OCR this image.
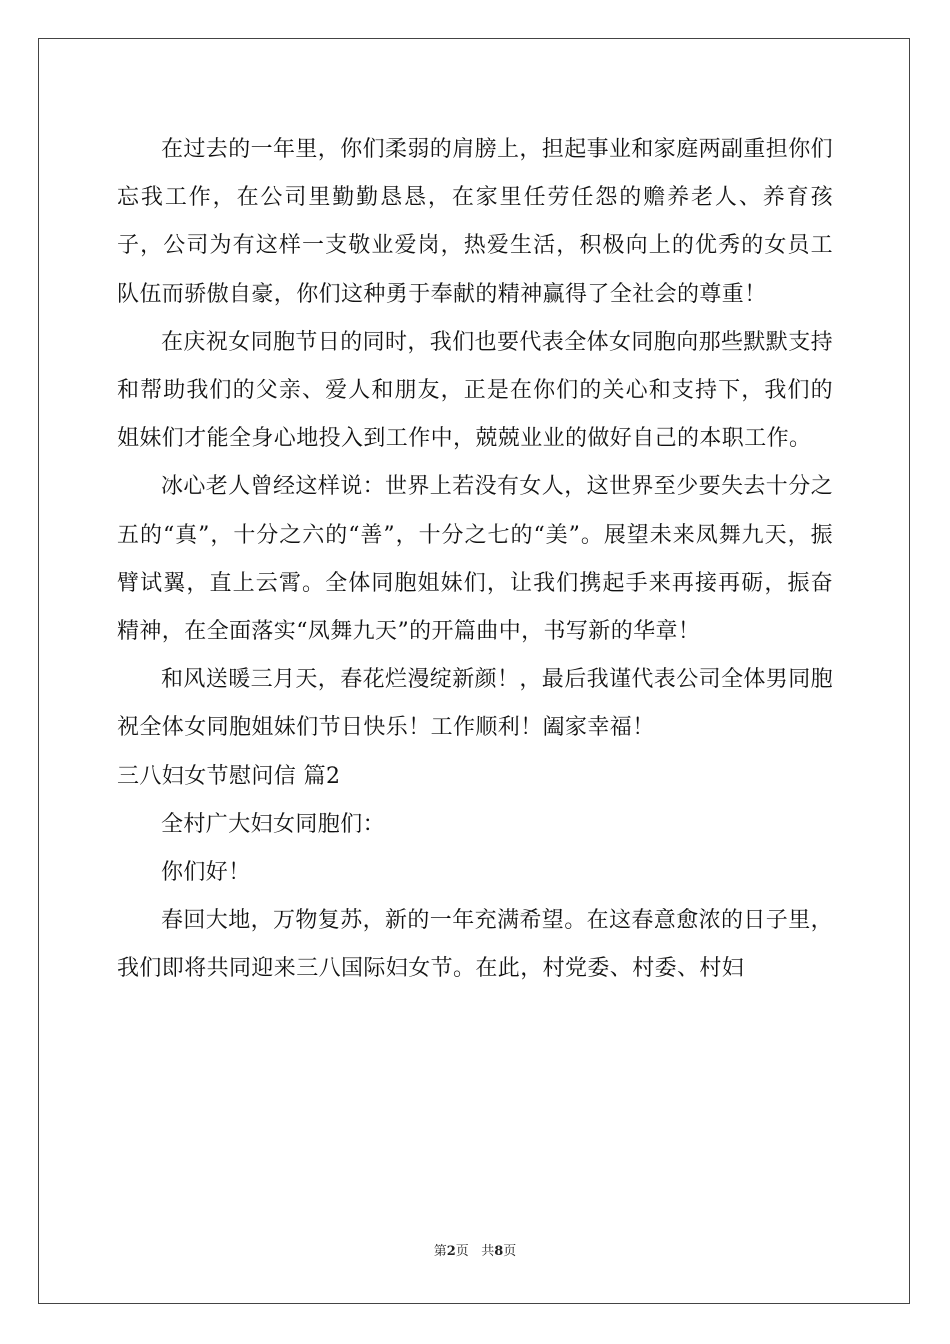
在过去的一年里，你们柔弱的肩膀上，担起事业和家庭两副重担你们忘我工作，在公司里勤勤恳恳，在家里任劳任怨的赡养老人、养育孩子，公司为有这样一支敬业爱岗，热爱生活，积极向上的优秀的女员工队伍而骄傲自豪，你们这种勇于奉献的精神赢得了全社会的尊重！

在庆祝女同胞节日的同时，我们也要代表全体女同胞向那些默默支持和帮助我们的父亲、爱人和朋友，正是在你们的关心和支持下，我们的姐妹们才能全身心地投入到工作中，兢兢业业的做好自己的本职工作。

冰心老人曾经这样说：世界上若没有女人，这世界至少要失去十分之五的“真”，十分之六的“善”，十分之七的“美”。展望未来凤舞九天，振臂试翼，直上云霄。全体同胞姐妹们，让我们携起手来再接再砺，振奋精神，在全面落实“凤舞九天”的开篇曲中，书写新的华章！

和风送暖三月天，春花烂漫绽新颜！，最后我谨代表公司全体男同胞祝全体女同胞姐妹们节日快乐！工作顺利！阖家幸福！

三八妇女节慰问信 篇2

全村广大妇女同胞们：

你们好！

春回大地，万物复苏，新的一年充满希望。在这春意愈浓的日子里，我们即将共同迎来三八国际妇女节。在此，村党委、村委、村妇

第2页 共8页
